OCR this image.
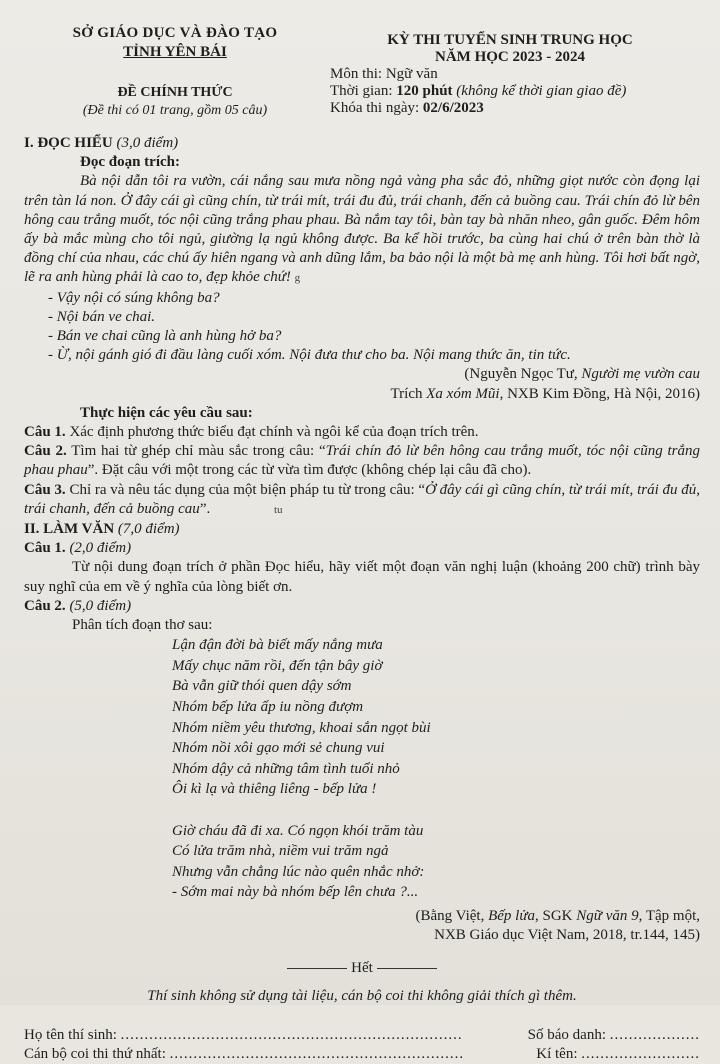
SỞ GIÁO DỤC VÀ ĐÀO TẠO
TỈNH YÊN BÁI
ĐỀ CHÍNH THỨC
(Đề thi có 01 trang, gồm 05 câu)
KỲ THI TUYỂN SINH TRUNG HỌC
NĂM HỌC 2023 - 2024
Môn thi: Ngữ văn
Thời gian: 120 phút (không kể thời gian giao đề)
Khóa thi ngày: 02/6/2023
I. ĐỌC HIỂU (3,0 điểm)
Đọc đoạn trích:
Bà nội dẫn tôi ra vườn, cái nắng sau mưa nồng ngả vàng pha sắc đỏ, những giọt nước còn đọng lại trên tàn lá non. Ở đây cái gì cũng chín, từ trái mít, trái đu đủ, trái chanh, đến cả buồng cau. Trái chín đỏ lừ bên hông cau trắng muốt, tóc nội cũng trắng phau phau. Bà nắm tay tôi, bàn tay bà nhăn nheo, gân guốc. Đêm hôm ấy bà mắc mùng cho tôi ngủ, giường lạ ngủ không được. Ba kể hồi trước, ba cùng hai chú ở trên bàn thờ là đồng chí của nhau, các chú ấy hiên ngang và anh dũng lắm, ba bảo nội là một bà mẹ anh hùng. Tôi hơi bất ngờ, lẽ ra anh hùng phải là cao to, đẹp khỏe chứ! g
- Vậy nội có súng không ba?
- Nội bán ve chai.
- Bán ve chai cũng là anh hùng hở ba?
- Ừ, nội gánh gió đi đầu làng cuối xóm. Nội đưa thư cho ba. Nội mang thức ăn, tin tức.
(Nguyễn Ngọc Tư, Người mẹ vườn cau
Trích Xa xóm Mũi, NXB Kim Đồng, Hà Nội, 2016)
Thực hiện các yêu cầu sau:
Câu 1. Xác định phương thức biểu đạt chính và ngôi kể của đoạn trích trên.
Câu 2. Tìm hai từ ghép chỉ màu sắc trong câu: “Trái chín đỏ lừ bên hông cau trắng muốt, tóc nội cũng trắng phau phau”. Đặt câu với một trong các từ vừa tìm được (không chép lại câu đã cho).
Câu 3. Chỉ ra và nêu tác dụng của một biện pháp tu từ trong câu: “Ở đây cái gì cũng chín, từ trái mít, trái đu đủ, trái chanh, đến cả buồng cau”.	tu
II. LÀM VĂN (7,0 điểm)
Câu 1. (2,0 điểm)
Từ nội dung đoạn trích ở phần Đọc hiểu, hãy viết một đoạn văn nghị luận (khoảng 200 chữ) trình bày suy nghĩ của em về ý nghĩa của lòng biết ơn.
Câu 2. (5,0 điểm)
Phân tích đoạn thơ sau:
Lận đận đời bà biết mấy nắng mưa
Mấy chục năm rồi, đến tận bây giờ
Bà vẫn giữ thói quen dậy sớm
Nhóm bếp lửa ấp iu nồng đượm
Nhóm niềm yêu thương, khoai sắn ngọt bùi
Nhóm nồi xôi gạo mới sẻ chung vui
Nhóm dậy cả những tâm tình tuổi nhỏ
Ôi kì lạ và thiêng liêng - bếp lửa !
Giờ cháu đã đi xa. Có ngọn khói trăm tàu
Có lửa trăm nhà, niềm vui trăm ngả
Nhưng vẫn chẳng lúc nào quên nhắc nhở:
- Sớm mai này bà nhóm bếp lên chưa ?...
(Bằng Việt, Bếp lửa, SGK Ngữ văn 9, Tập một,
NXB Giáo dục Việt Nam, 2018, tr.144, 145)
Hết
Thí sinh không sử dụng tài liệu, cán bộ coi thi không giải thích gì thêm.
Họ tên thí sinh: ........................................................................	Số báo danh: ...................
Cán bộ coi thi thứ nhất: ..............................................................	Kí tên: .........................
